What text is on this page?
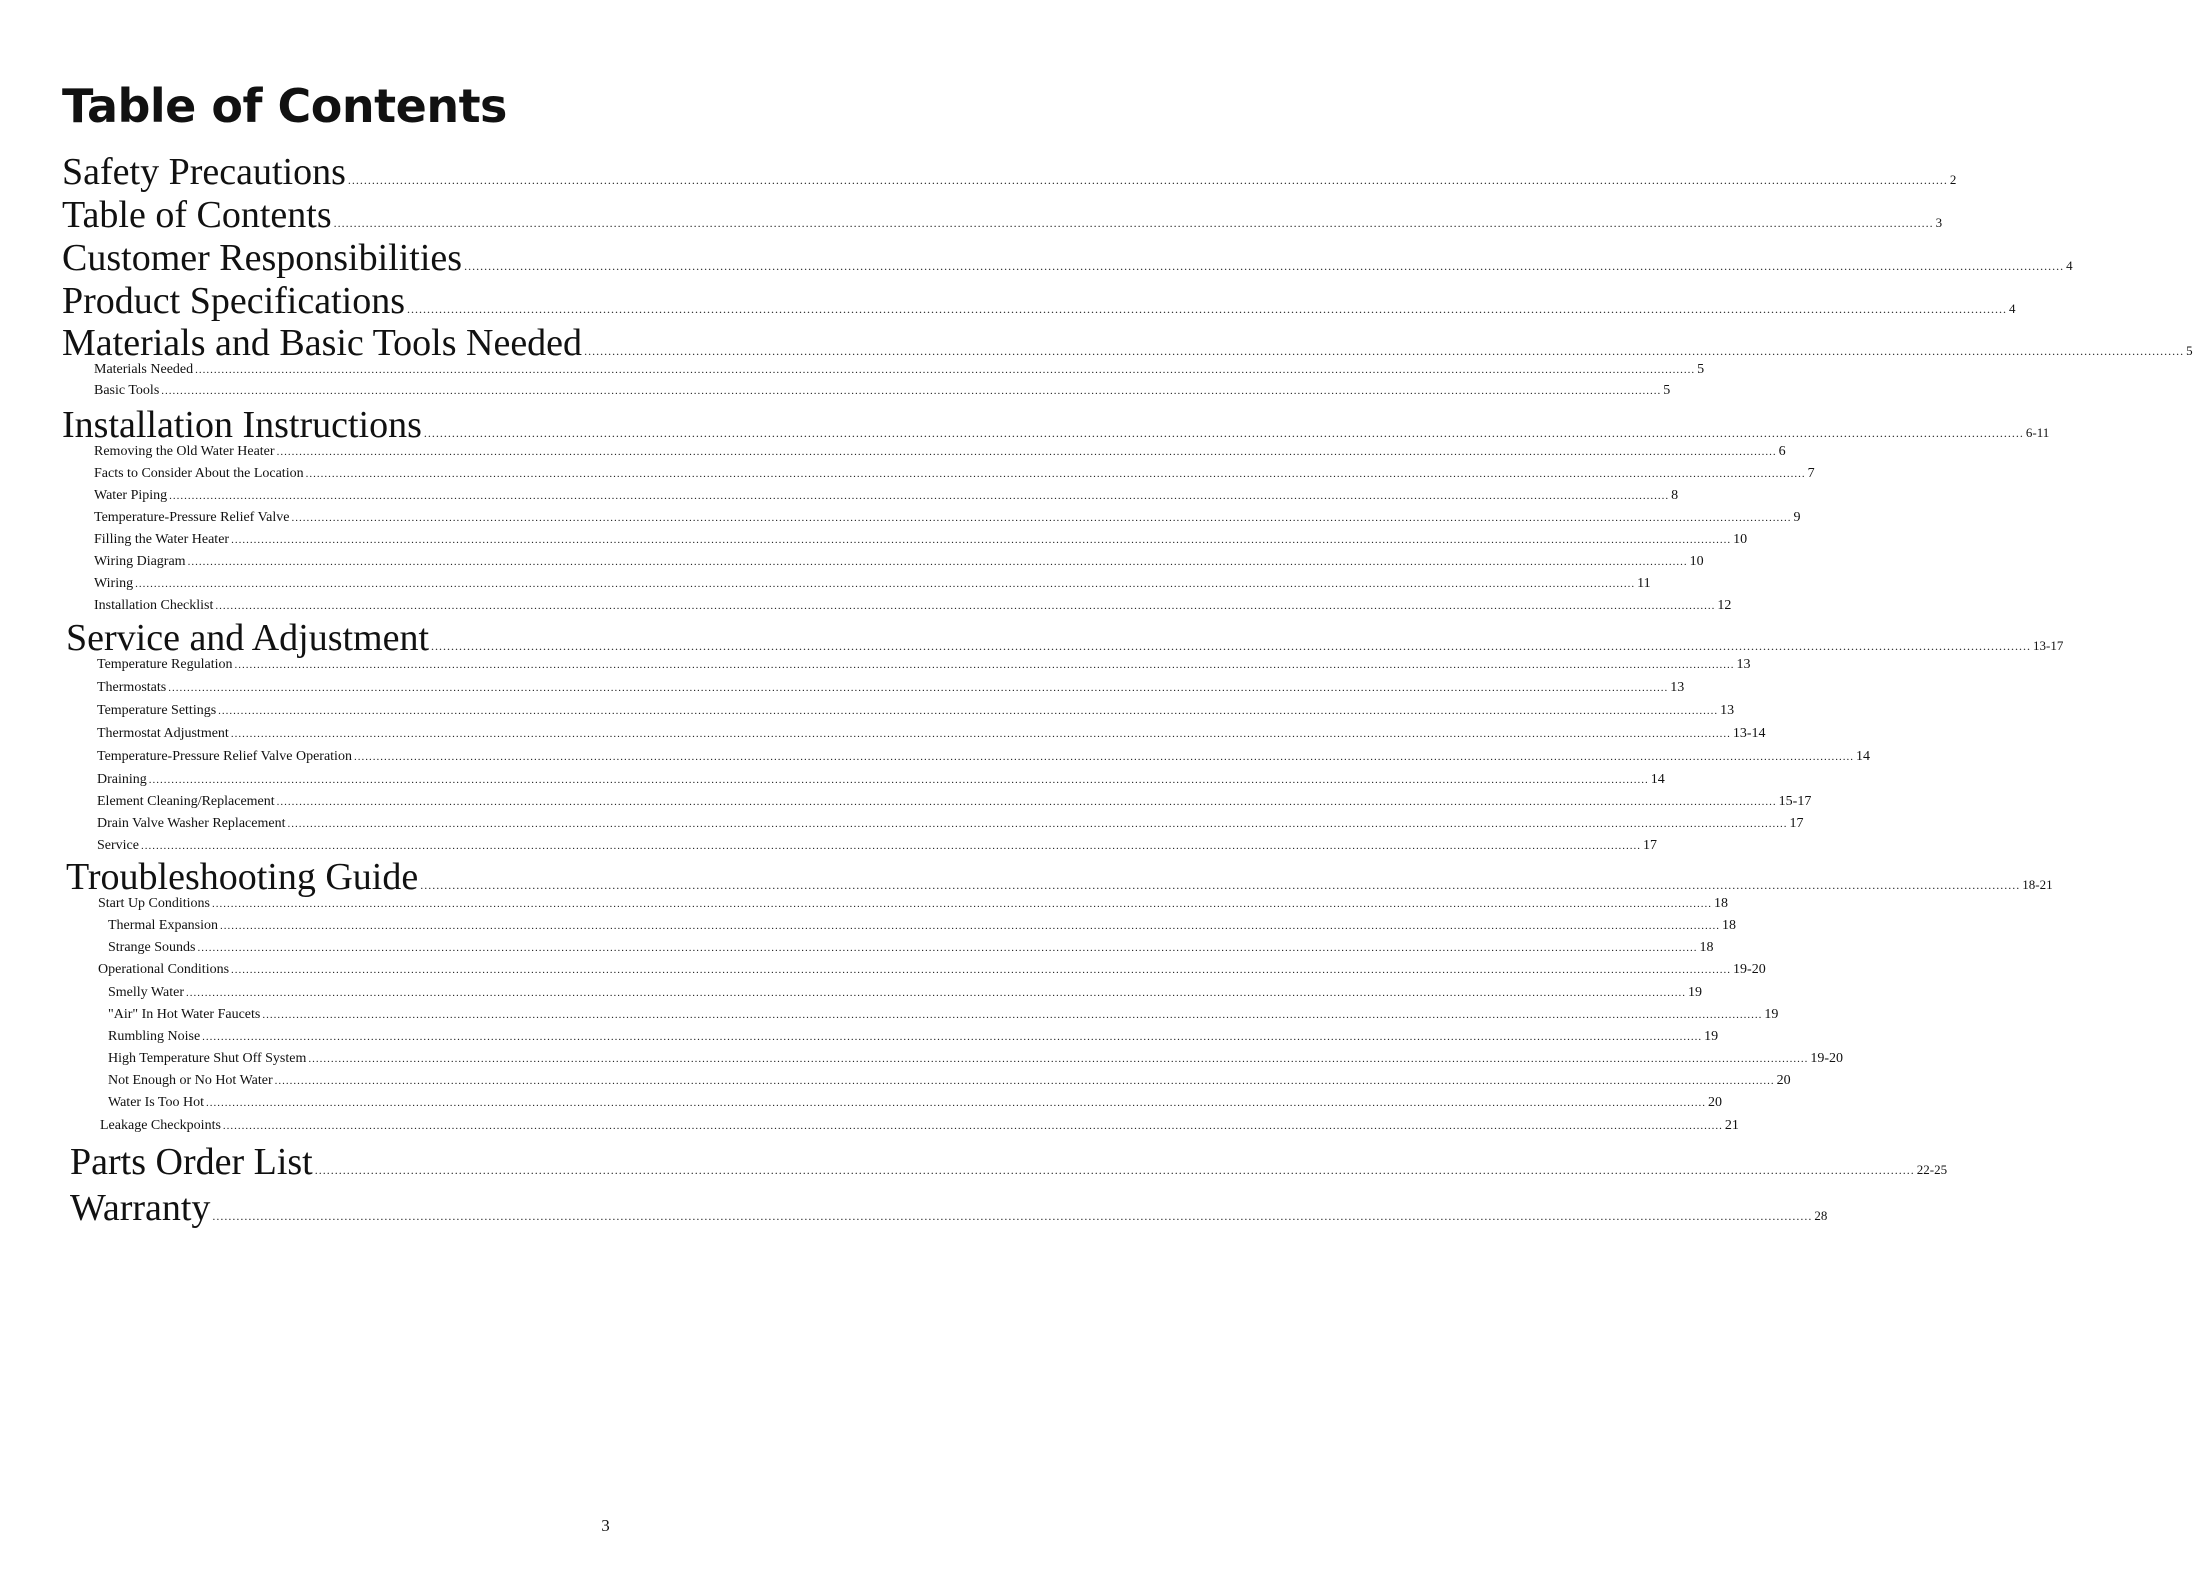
Table of Contents
Safety Precautions ................................................................................................................................................................................................................................................................................................................................................................................................................ 2
Table of Contents ................................................................................................................................................................................................................................................................................................................................................................................................................ 3
Customer Responsibilities ................................................................................................................................................................................................................................................................................................................................................................................................................ 4
Product Specifications ................................................................................................................................................................................................................................................................................................................................................................................................................ 4
Materials and Basic Tools Needed ................................................................................................................................................................................................................................................................................................................................................................................................................ 5
Materials Needed ................................................................................................................................................................................................................................................................................................................................................................................................................ 5
Basic Tools ................................................................................................................................................................................................................................................................................................................................................................................................................ 5
Installation Instructions ................................................................................................................................................................................................................................................................................................................................................................................................................ 6-11
Removing the Old Water Heater ................................................................................................................................................................................................................................................................................................................................................................................................................ 6
Facts to Consider About the Location ................................................................................................................................................................................................................................................................................................................................................................................................................ 7
Water Piping ................................................................................................................................................................................................................................................................................................................................................................................................................ 8
Temperature-Pressure Relief Valve ................................................................................................................................................................................................................................................................................................................................................................................................................ 9
Filling the Water Heater ................................................................................................................................................................................................................................................................................................................................................................................................................ 10
Wiring Diagram ................................................................................................................................................................................................................................................................................................................................................................................................................ 10
Wiring ................................................................................................................................................................................................................................................................................................................................................................................................................ 11
Installation Checklist ................................................................................................................................................................................................................................................................................................................................................................................................................ 12
Service and Adjustment ................................................................................................................................................................................................................................................................................................................................................................................................................ 13-17
Temperature Regulation ................................................................................................................................................................................................................................................................................................................................................................................................................ 13
Thermostats ................................................................................................................................................................................................................................................................................................................................................................................................................ 13
Temperature Settings ................................................................................................................................................................................................................................................................................................................................................................................................................ 13
Thermostat Adjustment ................................................................................................................................................................................................................................................................................................................................................................................................................ 13-14
Temperature-Pressure Relief Valve Operation ................................................................................................................................................................................................................................................................................................................................................................................................................ 14
Draining ................................................................................................................................................................................................................................................................................................................................................................................................................ 14
Element Cleaning/Replacement ................................................................................................................................................................................................................................................................................................................................................................................................................ 15-17
Drain Valve Washer Replacement ................................................................................................................................................................................................................................................................................................................................................................................................................ 17
Service ................................................................................................................................................................................................................................................................................................................................................................................................................ 17
Troubleshooting Guide ................................................................................................................................................................................................................................................................................................................................................................................................................ 18-21
Start Up Conditions ................................................................................................................................................................................................................................................................................................................................................................................................................ 18
Thermal Expansion ................................................................................................................................................................................................................................................................................................................................................................................................................ 18
Strange Sounds ................................................................................................................................................................................................................................................................................................................................................................................................................ 18
Operational Conditions ................................................................................................................................................................................................................................................................................................................................................................................................................ 19-20
Smelly Water ................................................................................................................................................................................................................................................................................................................................................................................................................ 19
"Air" In Hot Water Faucets ................................................................................................................................................................................................................................................................................................................................................................................................................ 19
Rumbling Noise ................................................................................................................................................................................................................................................................................................................................................................................................................ 19
High Temperature Shut Off System ................................................................................................................................................................................................................................................................................................................................................................................................................ 19-20
Not Enough or No Hot Water ................................................................................................................................................................................................................................................................................................................................................................................................................ 20
Water Is Too Hot ................................................................................................................................................................................................................................................................................................................................................................................................................ 20
Leakage Checkpoints ................................................................................................................................................................................................................................................................................................................................................................................................................ 21
Parts Order List ................................................................................................................................................................................................................................................................................................................................................................................................................ 22-25
Warranty ................................................................................................................................................................................................................................................................................................................................................................................................................ 28
3
